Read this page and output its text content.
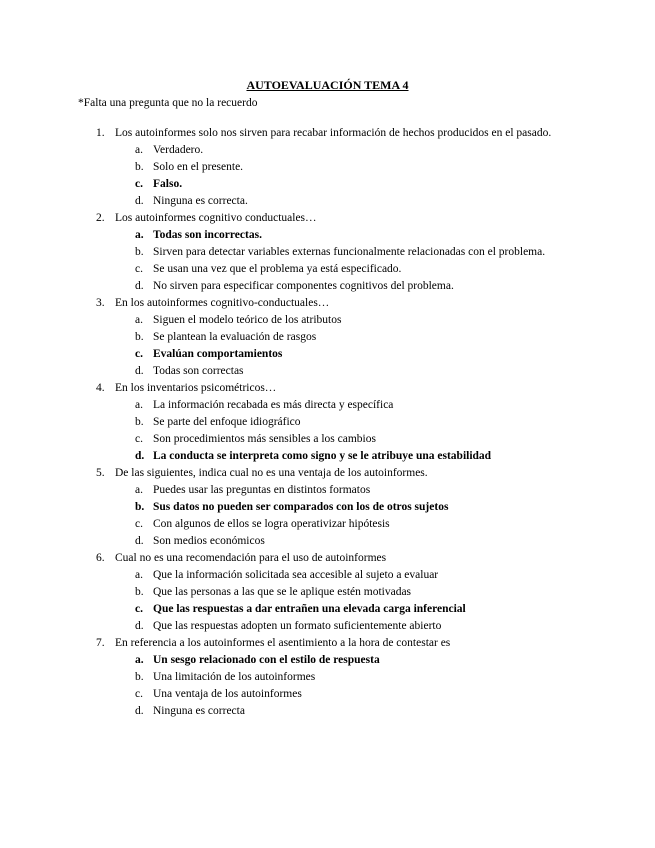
AUTOEVALUACIÓN TEMA 4
*Falta una pregunta que no la recuerdo
1. Los autoinformes solo nos sirven para recabar información de hechos producidos en el pasado.
a. Verdadero.
b. Solo en el presente.
c. Falso.
d. Ninguna es correcta.
2. Los autoinformes cognitivo conductuales…
a. Todas son incorrectas.
b. Sirven para detectar variables externas funcionalmente relacionadas con el problema.
c. Se usan una vez que el problema ya está especificado.
d. No sirven para especificar componentes cognitivos del problema.
3. En los autoinformes cognitivo-conductuales…
a. Siguen el modelo teórico de los atributos
b. Se plantean la evaluación de rasgos
c. Evalúan comportamientos
d. Todas son correctas
4. En los inventarios psicométricos…
a. La información recabada es más directa y específica
b. Se parte del enfoque idiográfico
c. Son procedimientos más sensibles a los cambios
d. La conducta se interpreta como signo y se le atribuye una estabilidad
5. De las siguientes, indica cual no es una ventaja de los autoinformes.
a. Puedes usar las preguntas en distintos formatos
b. Sus datos no pueden ser comparados con los de otros sujetos
c. Con algunos de ellos se logra operativizar hipótesis
d. Son medios económicos
6. Cual no es una recomendación para el uso de autoinformes
a. Que la información solicitada sea accesible al sujeto a evaluar
b. Que las personas a las que se le aplique estén motivadas
c. Que las respuestas a dar entrañen una elevada carga inferencial
d. Que las respuestas adopten un formato suficientemente abierto
7. En referencia a los autoinformes el asentimiento a la hora de contestar es
a. Un sesgo relacionado con el estilo de respuesta
b. Una limitación de los autoinformes
c. Una ventaja de los autoinformes
d. Ninguna es correcta
